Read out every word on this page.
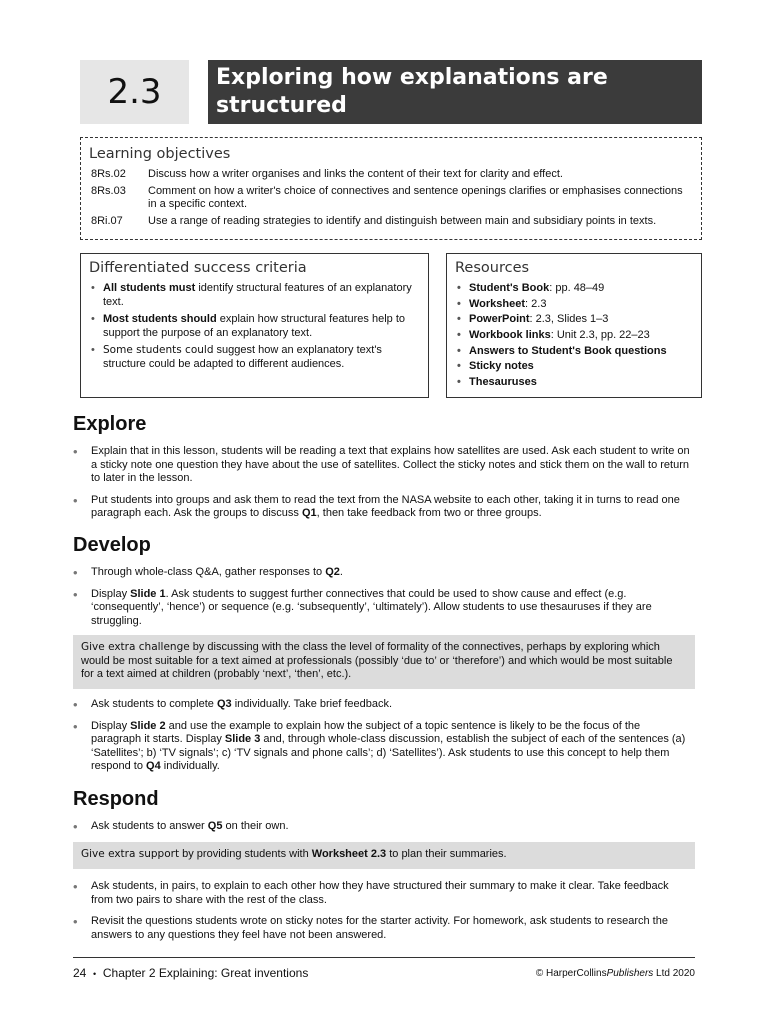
2.3	Exploring how explanations are structured
Learning objectives
8Rs.02	Discuss how a writer organises and links the content of their text for clarity and effect.
8Rs.03	Comment on how a writer's choice of connectives and sentence openings clarifies or emphasises connections in a specific context.
8Ri.07	Use a range of reading strategies to identify and distinguish between main and subsidiary points in texts.
Differentiated success criteria
• All students must identify structural features of an explanatory text.
• Most students should explain how structural features help to support the purpose of an explanatory text.
• Some students could suggest how an explanatory text's structure could be adapted to different audiences.
Resources
• Student's Book: pp. 48–49
• Worksheet: 2.3
• PowerPoint: 2.3, Slides 1–3
• Workbook links: Unit 2.3, pp. 22–23
• Answers to Student's Book questions
• Sticky notes
• Thesauruses
Explore
• Explain that in this lesson, students will be reading a text that explains how satellites are used. Ask each student to write on a sticky note one question they have about the use of satellites. Collect the sticky notes and stick them on the wall to return to later in the lesson.
• Put students into groups and ask them to read the text from the NASA website to each other, taking it in turns to read one paragraph each. Ask the groups to discuss Q1, then take feedback from two or three groups.
Develop
• Through whole-class Q&A, gather responses to Q2.
• Display Slide 1. Ask students to suggest further connectives that could be used to show cause and effect (e.g. ‘consequently’, ‘hence’) or sequence (e.g. ‘subsequently’, ‘ultimately’). Allow students to use thesauruses if they are struggling.
Give extra challenge by discussing with the class the level of formality of the connectives, perhaps by exploring which would be most suitable for a text aimed at professionals (possibly ‘due to’ or ‘therefore’) and which would be most suitable for a text aimed at children (probably ‘next’, ‘then’, etc.).
• Ask students to complete Q3 individually. Take brief feedback.
• Display Slide 2 and use the example to explain how the subject of a topic sentence is likely to be the focus of the paragraph it starts. Display Slide 3 and, through whole-class discussion, establish the subject of each of the sentences (a) ‘Satellites’; b) ‘TV signals’; c) ‘TV signals and phone calls’; d) ‘Satellites’). Ask students to use this concept to help them respond to Q4 individually.
Respond
• Ask students to answer Q5 on their own.
Give extra support by providing students with Worksheet 2.3 to plan their summaries.
• Ask students, in pairs, to explain to each other how they have structured their summary to make it clear. Take feedback from two pairs to share with the rest of the class.
• Revisit the questions students wrote on sticky notes for the starter activity. For homework, ask students to research the answers to any questions they feel have not been answered.
24 • Chapter 2 Explaining: Great inventions	© HarperCollinsPublishers Ltd 2020
